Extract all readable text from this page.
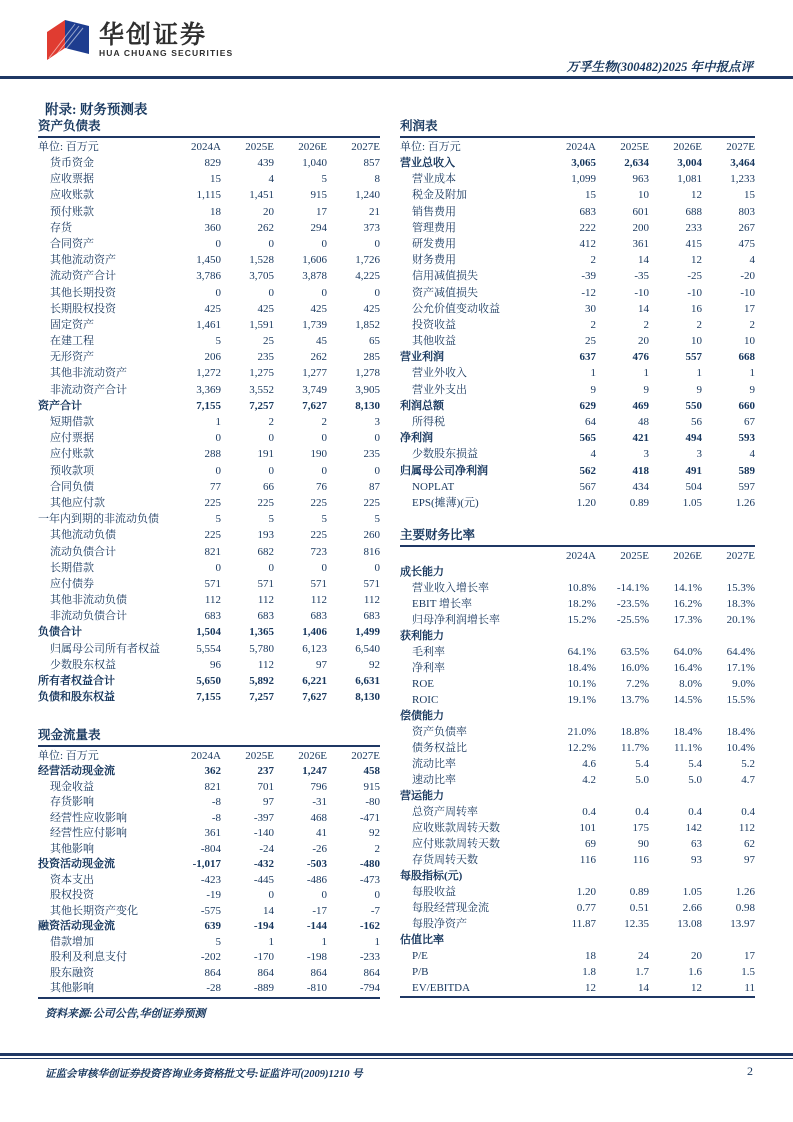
华创证券
HUA CHUANG SECURITIES
万孚生物(300482)2025 年中报点评
附录: 财务预测表
资产负债表
单位: 百万元	2024A	2025E	2026E	2027E
货币资金	829	439	1,040	857
应收票据	15	4	5	8
应收账款	1,115	1,451	915	1,240
预付账款	18	20	17	21
存货	360	262	294	373
合同资产	0	0	0	0
其他流动资产	1,450	1,528	1,606	1,726
流动资产合计	3,786	3,705	3,878	4,225
其他长期投资	0	0	0	0
长期股权投资	425	425	425	425
固定资产	1,461	1,591	1,739	1,852
在建工程	5	25	45	65
无形资产	206	235	262	285
其他非流动资产	1,272	1,275	1,277	1,278
非流动资产合计	3,369	3,552	3,749	3,905
资产合计	7,155	7,257	7,627	8,130
短期借款	1	2	2	3
应付票据	0	0	0	0
应付账款	288	191	190	235
预收款项	0	0	0	0
合同负债	77	66	76	87
其他应付款	225	225	225	225
一年内到期的非流动负债	5	5	5	5
其他流动负债	225	193	225	260
流动负债合计	821	682	723	816
长期借款	0	0	0	0
应付债券	571	571	571	571
其他非流动负债	112	112	112	112
非流动负债合计	683	683	683	683
负债合计	1,504	1,365	1,406	1,499
归属母公司所有者权益	5,554	5,780	6,123	6,540
少数股东权益	96	112	97	92
所有者权益合计	5,650	5,892	6,221	6,631
负债和股东权益	7,155	7,257	7,627	8,130
利润表
单位: 百万元	2024A	2025E	2026E	2027E
营业总收入	3,065	2,634	3,004	3,464
营业成本	1,099	963	1,081	1,233
税金及附加	15	10	12	15
销售费用	683	601	688	803
管理费用	222	200	233	267
研发费用	412	361	415	475
财务费用	2	14	12	4
信用减值损失	-39	-35	-25	-20
资产减值损失	-12	-10	-10	-10
公允价值变动收益	30	14	16	17
投资收益	2	2	2	2
其他收益	25	20	10	10
营业利润	637	476	557	668
营业外收入	1	1	1	1
营业外支出	9	9	9	9
利润总额	629	469	550	660
所得税	64	48	56	67
净利润	565	421	494	593
少数股东损益	4	3	3	4
归属母公司净利润	562	418	491	589
NOPLAT	567	434	504	597
EPS(摊薄)(元)	1.20	0.89	1.05	1.26
主要财务比率
2024A	2025E	2026E	2027E
成长能力
营业收入增长率	10.8%	-14.1%	14.1%	15.3%
EBIT 增长率	18.2%	-23.5%	16.2%	18.3%
归母净利润增长率	15.2%	-25.5%	17.3%	20.1%
获利能力
毛利率	64.1%	63.5%	64.0%	64.4%
净利率	18.4%	16.0%	16.4%	17.1%
ROE	10.1%	7.2%	8.0%	9.0%
ROIC	19.1%	13.7%	14.5%	15.5%
偿债能力
资产负债率	21.0%	18.8%	18.4%	18.4%
债务权益比	12.2%	11.7%	11.1%	10.4%
流动比率	4.6	5.4	5.4	5.2
速动比率	4.2	5.0	5.0	4.7
营运能力
总资产周转率	0.4	0.4	0.4	0.4
应收账款周转天数	101	175	142	112
应付账款周转天数	69	90	63	62
存货周转天数	116	116	93	97
每股指标(元)
每股收益	1.20	0.89	1.05	1.26
每股经营现金流	0.77	0.51	2.66	0.98
每股净资产	11.87	12.35	13.08	13.97
估值比率
P/E	18	24	20	17
P/B	1.8	1.7	1.6	1.5
EV/EBITDA	12	14	12	11
现金流量表
单位: 百万元	2024A	2025E	2026E	2027E
经营活动现金流	362	237	1,247	458
现金收益	821	701	796	915
存货影响	-8	97	-31	-80
经营性应收影响	-8	-397	468	-471
经营性应付影响	361	-140	41	92
其他影响	-804	-24	-26	2
投资活动现金流	-1,017	-432	-503	-480
资本支出	-423	-445	-486	-473
股权投资	-19	0	0	0
其他长期资产变化	-575	14	-17	-7
融资活动现金流	639	-194	-144	-162
借款增加	5	1	1	1
股利及利息支付	-202	-170	-198	-233
股东融资	864	864	864	864
其他影响	-28	-889	-810	-794
资料来源:公司公告,华创证券预测
证监会审核华创证券投资咨询业务资格批文号:证监许可(2009)1210 号	2
